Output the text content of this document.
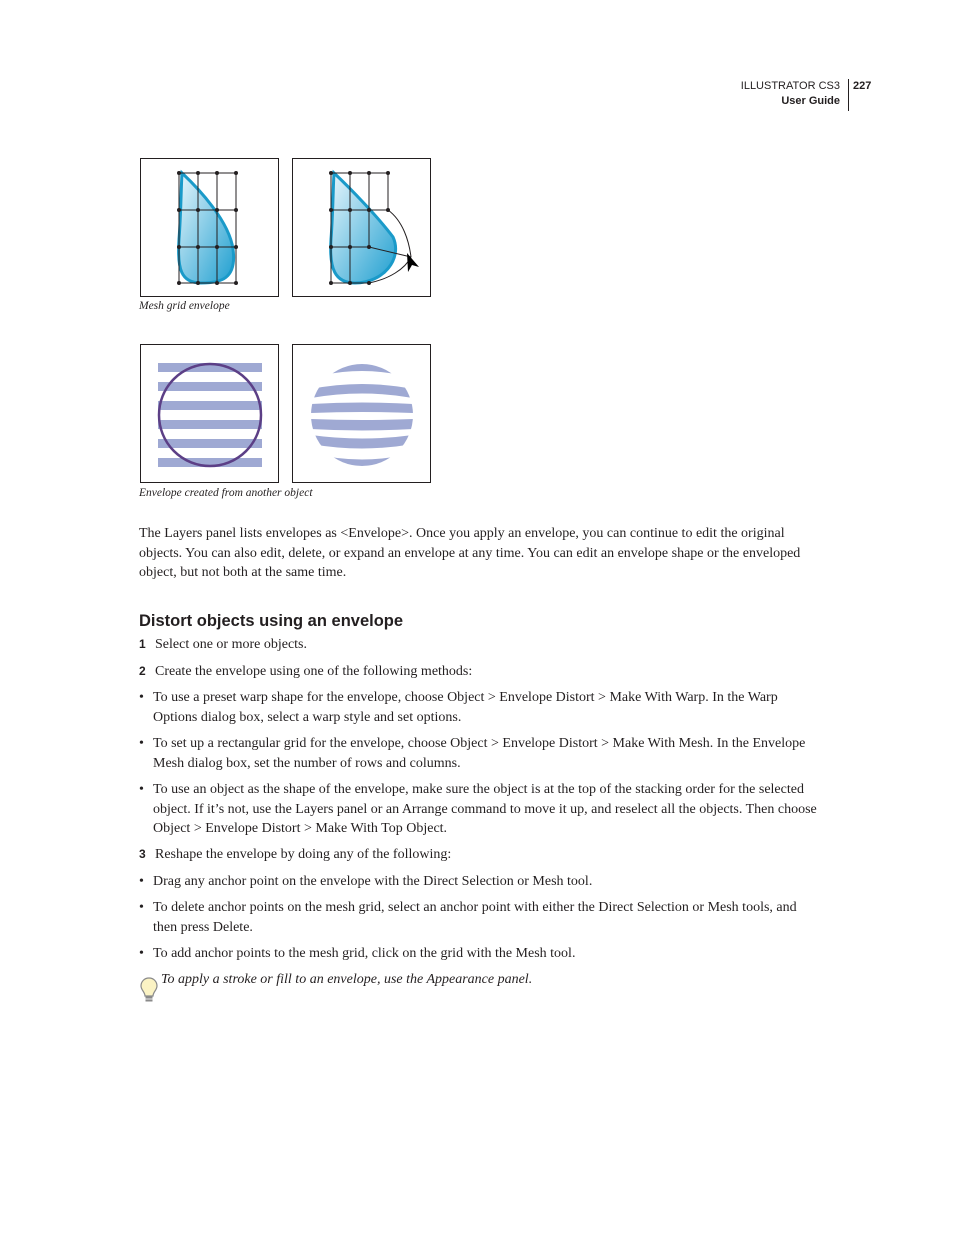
ILLUSTRATOR CS3
User Guide
227
Mesh grid envelope
Envelope created from another object

The Layers panel lists envelopes as <Envelope>. Once you apply an envelope, you can continue to edit the original objects. You can also edit, delete, or expand an envelope at any time. You can edit an envelope shape or the enveloped object, but not both at the same time.

Distort objects using an envelope
1 Select one or more objects.
2 Create the envelope using one of the following methods:
• To use a preset warp shape for the envelope, choose Object > Envelope Distort > Make With Warp. In the Warp Options dialog box, select a warp style and set options.
• To set up a rectangular grid for the envelope, choose Object > Envelope Distort > Make With Mesh. In the Envelope Mesh dialog box, set the number of rows and columns.
• To use an object as the shape of the envelope, make sure the object is at the top of the stacking order for the selected object. If it’s not, use the Layers panel or an Arrange command to move it up, and reselect all the objects. Then choose Object > Envelope Distort > Make With Top Object.
3 Reshape the envelope by doing any of the following:
• Drag any anchor point on the envelope with the Direct Selection or Mesh tool.
• To delete anchor points on the mesh grid, select an anchor point with either the Direct Selection or Mesh tools, and then press Delete.
• To add anchor points to the mesh grid, click on the grid with the Mesh tool.
To apply a stroke or fill to an envelope, use the Appearance panel.
